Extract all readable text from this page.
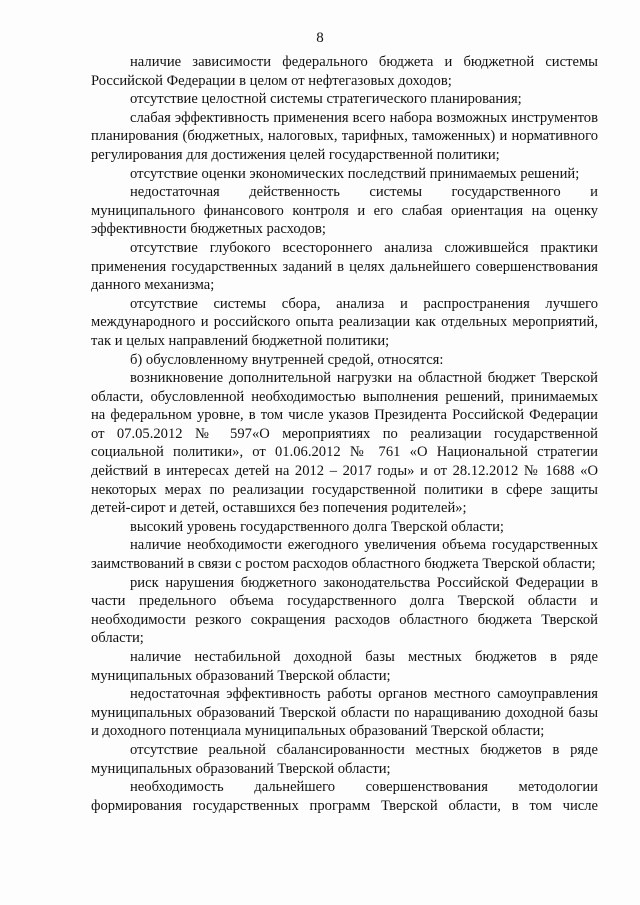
8

наличие зависимости федерального бюджета и бюджетной системы Российской Федерации в целом от нефтегазовых доходов;

отсутствие целостной системы стратегического планирования;

слабая эффективность применения всего набора возможных инструментов планирования (бюджетных, налоговых, тарифных, таможенных) и нормативного регулирования для достижения целей государственной политики;

отсутствие оценки экономических последствий принимаемых решений;

недостаточная действенность системы государственного и муниципального финансового контроля и его слабая ориентация на оценку эффективности бюджетных расходов;

отсутствие глубокого всестороннего анализа сложившейся практики применения государственных заданий в целях дальнейшего совершенствования данного механизма;

отсутствие системы сбора, анализа и распространения лучшего международного и российского опыта реализации как отдельных мероприятий, так и целых направлений бюджетной политики;

б) обусловленному внутренней средой, относятся:

возникновение дополнительной нагрузки на областной бюджет Тверской области, обусловленной необходимостью выполнения решений, принимаемых на федеральном уровне, в том числе указов Президента Российской Федерации от 07.05.2012 № 597«О мероприятиях по реализации государственной социальной политики», от 01.06.2012 № 761 «О Национальной стратегии действий в интересах детей на 2012 – 2017 годы» и от 28.12.2012 № 1688 «О некоторых мерах по реализации государственной политики в сфере защиты детей-сирот и детей, оставшихся без попечения родителей»;

высокий уровень государственного долга Тверской области;

наличие необходимости ежегодного увеличения объема государственных заимствований в связи с ростом расходов областного бюджета Тверской области;

риск нарушения бюджетного законодательства Российской Федерации в части предельного объема государственного долга Тверской области и необходимости резкого сокращения расходов областного бюджета Тверской области;

наличие нестабильной доходной базы местных бюджетов в ряде муниципальных образований Тверской области;

недостаточная эффективность работы органов местного самоуправления муниципальных образований Тверской области по наращиванию доходной базы и доходного потенциала муниципальных образований Тверской области;

отсутствие реальной сбалансированности местных бюджетов в ряде муниципальных образований Тверской области;

необходимость дальнейшего совершенствования методологии формирования государственных программ Тверской области, в том числе
